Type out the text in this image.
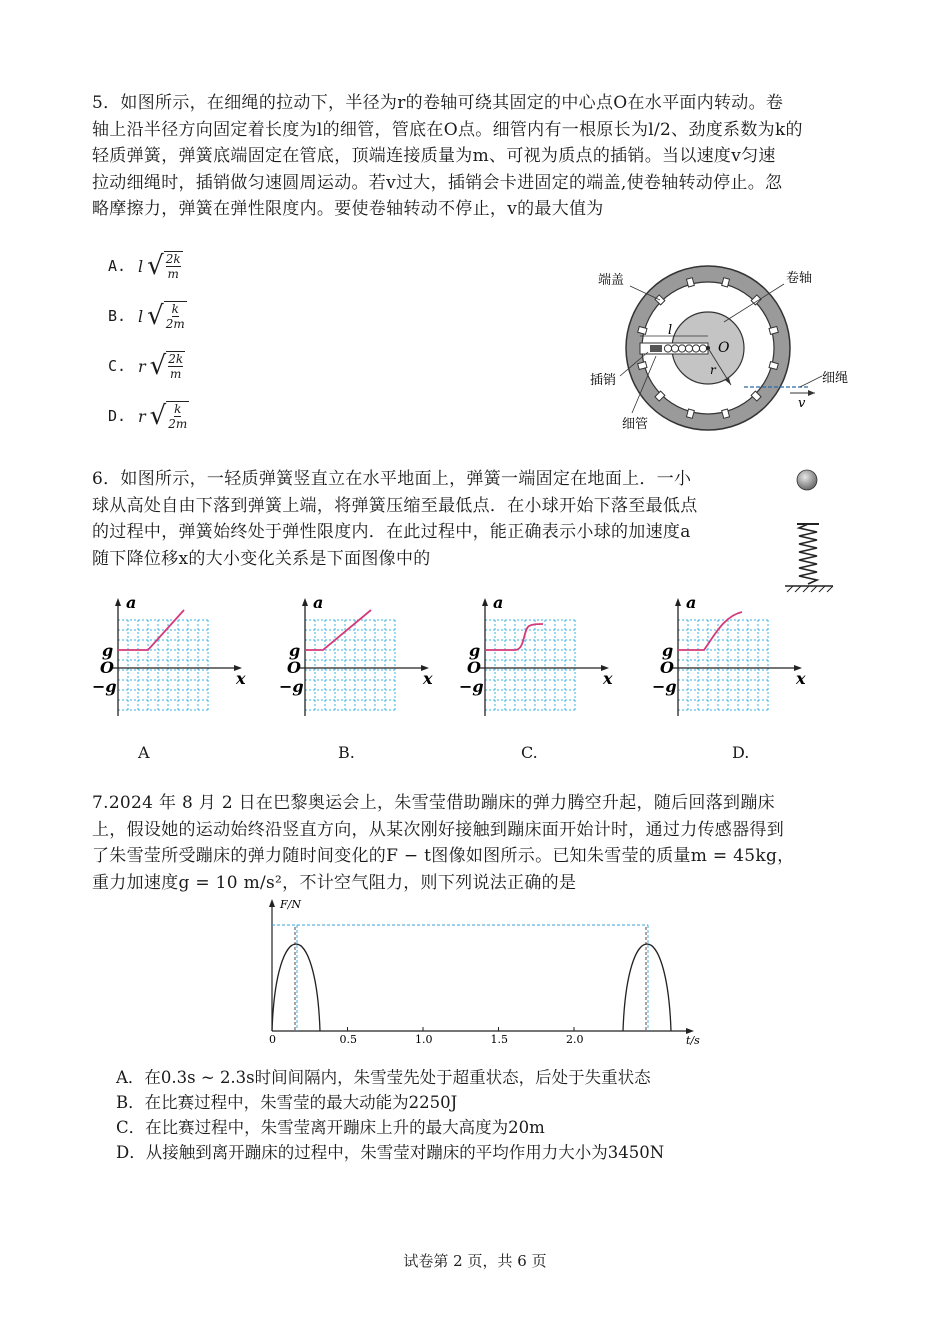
5．如图所示，在细绳的拉动下，半径为r的卷轴可绕其固定的中心点O在水平面内转动。卷
轴上沿半径方向固定着长度为l的细管，管底在O点。细管内有一根原长为l/2、劲度系数为k的
轻质弹簧，弹簧底端固定在管底，顶端连接质量为m、可视为质点的插销。当以速度v匀速
拉动细绳时，插销做匀速圆周运动。若v过大，插销会卡进固定的端盖,使卷轴转动停止。忽
略摩擦力，弹簧在弹性限度内。要使卷轴转动不停止，v的最大值为
A. l √ 2k
m
B. l √ k
2m
C. r √ 2k
m
D. r √ k
2m
l
O
r
v
端盖	卷轴
插销
细管
细绳
6．如图所示，一轻质弹簧竖直立在水平地面上，弹簧一端固定在地面上．一小
球从高处自由下落到弹簧上端，将弹簧压缩至最低点．在小球开始下落至最低点
的过程中，弹簧始终处于弹性限度内．在此过程中，能正确表示小球的加速度a
随下降位移x的大小变化关系是下面图像中的
a
x
g
O
−g
a
x
g
O
−g
a
x
g
O
−g
a
x
g
O
−g
A	B.	C.	D.
7.2024 年 8 月 2 日在巴黎奥运会上，朱雪莹借助蹦床的弹力腾空升起，随后回落到蹦床
上，假设她的运动始终沿竖直方向，从某次刚好接触到蹦床面开始计时，通过力传感器得到
了朱雪莹所受蹦床的弹力随时间变化的F − t图像如图所示。已知朱雪莹的质量m = 45kg，
重力加速度g = 10 m/s²，不计空气阻力，则下列说法正确的是
F/N
t/s
0	0.5	1.0	1.5	2.0
A．在0.3s ~ 2.3s时间间隔内，朱雪莹先处于超重状态，后处于失重状态
B．在比赛过程中，朱雪莹的最大动能为2250J
C．在比赛过程中，朱雪莹离开蹦床上升的最大高度为20m
D．从接触到离开蹦床的过程中，朱雪莹对蹦床的平均作用力大小为3450N
试卷第 2 页，共 6 页
